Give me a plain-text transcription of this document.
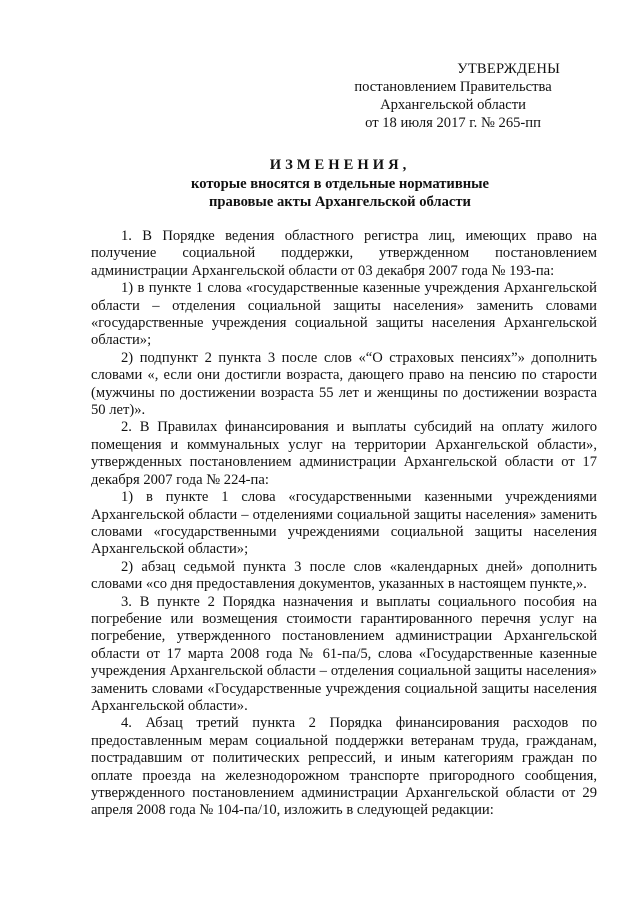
УТВЕРЖДЕНЫ
постановлением Правительства
Архангельской области
от 18 июля 2017 г. № 265-пп
ИЗМЕНЕНИЯ,
которые вносятся в отдельные нормативные
правовые акты Архангельской области

1. В Порядке ведения областного регистра лиц, имеющих право на получение социальной поддержки, утвержденном постановлением администрации Архангельской области от 03 декабря 2007 года № 193-па:

1) в пункте 1 слова «государственные казенные учреждения Архангельской области – отделения социальной защиты населения» заменить словами «государственные учреждения социальной защиты населения Архангельской области»;

2) подпункт 2 пункта 3 после слов «“О страховых пенсиях”» дополнить словами «, если они достигли возраста, дающего право на пенсию по старости (мужчины по достижении возраста 55 лет и женщины по достижении возраста 50 лет)».

2. В Правилах финансирования и выплаты субсидий на оплату жилого помещения и коммунальных услуг на территории Архангельской области», утвержденных постановлением администрации Архангельской области от 17 декабря 2007 года № 224-па:

1) в пункте 1 слова «государственными казенными учреждениями Архангельской области – отделениями социальной защиты населения» заменить словами «государственными учреждениями социальной защиты населения Архангельской области»;

2) абзац седьмой пункта 3 после слов «календарных дней» дополнить словами «со дня предоставления документов, указанных в настоящем пункте,».

3. В пункте 2 Порядка назначения и выплаты социального пособия на погребение или возмещения стоимости гарантированного перечня услуг на погребение, утвержденного постановлением администрации Архангельской области от 17 марта 2008 года № 61-па/5, слова «Государственные казенные учреждения Архангельской области – отделения социальной защиты населения» заменить словами «Государственные учреждения социальной защиты населения Архангельской области».

4. Абзац третий пункта 2 Порядка финансирования расходов по предоставленным мерам социальной поддержки ветеранам труда, гражданам, пострадавшим от политических репрессий, и иным категориям граждан по оплате проезда на железнодорожном транспорте пригородного сообщения, утвержденного постановлением администрации Архангельской области от 29 апреля 2008 года № 104-па/10, изложить в следующей редакции:
